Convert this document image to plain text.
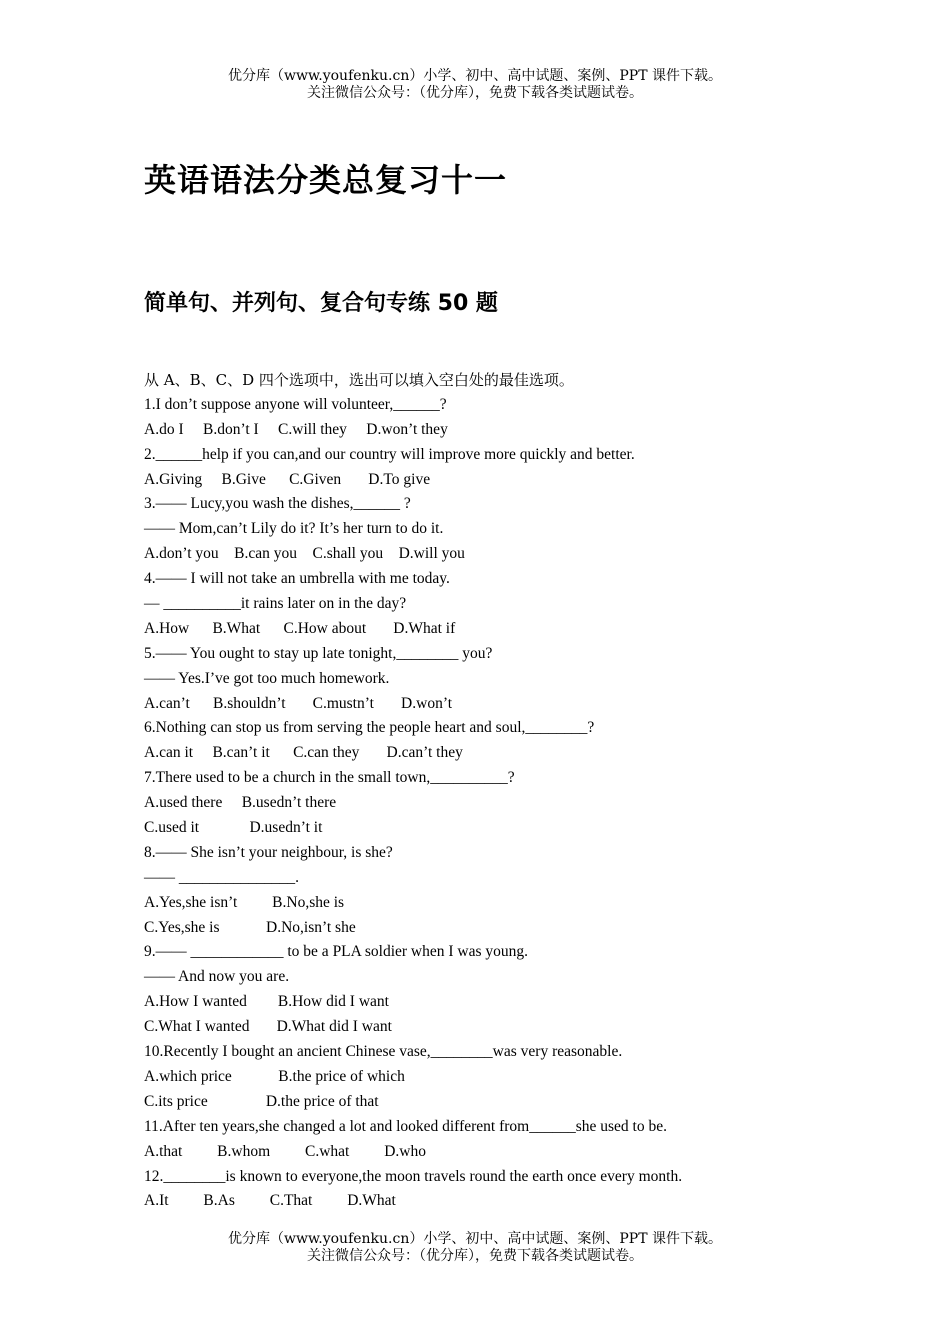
优分库（www.youfenku.cn）小学、初中、高中试题、案例、PPT 课件下载。
关注微信公众号：（优分库），免费下载各类试题试卷。
英语语法分类总复习十一
简单句、并列句、复合句专练 50 题
从 A、B、C、D 四个选项中，选出可以填入空白处的最佳选项。
1.I don’t suppose anyone will volunteer,______?
A.do I     B.don’t I     C.will they     D.won’t they
2.______help if you can,and our country will improve more quickly and better.
A.Giving     B.Give      C.Given       D.To give
3.—— Lucy,you wash the dishes,______ ?
—— Mom,can’t Lily do it? It’s her turn to do it.
A.don’t you    B.can you    C.shall you    D.will you
4.—— I will not take an umbrella with me today.
— __________it rains later on in the day?
A.How      B.What      C.How about       D.What if
5.—— You ought to stay up late tonight,________ you?
—— Yes.I’ve got too much homework.
A.can’t      B.shouldn’t       C.mustn’t       D.won’t
6.Nothing can stop us from serving the people heart and soul,________?
A.can it     B.can’t it      C.can they       D.can’t they
7.There used to be a church in the small town,__________?
A.used there     B.usedn’t there
C.used it             D.usedn’t it
8.—— She isn’t your neighbour, is she?
—— _______________.
A.Yes,she isn’t         B.No,she is
C.Yes,she is            D.No,isn’t she
9.—— ____________ to be a PLA soldier when I was young.
—— And now you are.
A.How I wanted        B.How did I want
C.What I wanted       D.What did I want
10.Recently I bought an ancient Chinese vase,________was very reasonable.
A.which price            B.the price of which
C.its price               D.the price of that
11.After ten years,she changed a lot and looked different from______she used to be.
A.that         B.whom         C.what         D.who
12.________is known to everyone,the moon travels round the earth once every month.
A.It         B.As         C.That         D.What
优分库（www.youfenku.cn）小学、初中、高中试题、案例、PPT 课件下载。
关注微信公众号：（优分库），免费下载各类试题试卷。
